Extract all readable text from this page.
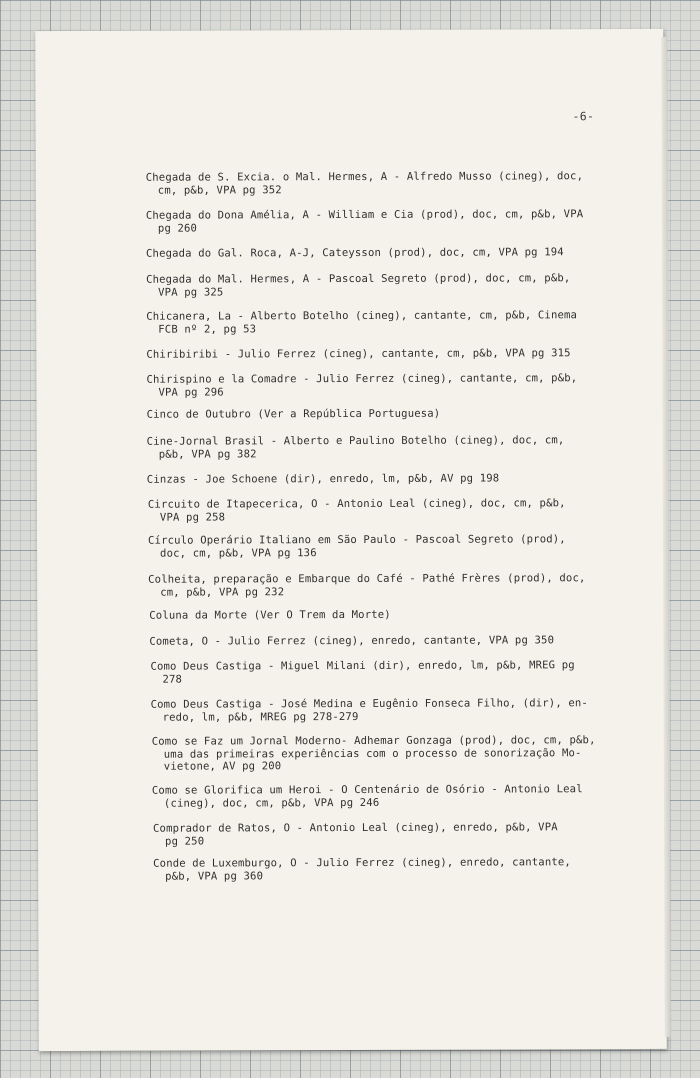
-6-
Chegada de S. Excia. o Mal. Hermes, A - Alfredo Musso (cineg), doc,
cm, p&b, VPA pg 352
Chegada do Dona Amélia, A - William e Cia (prod), doc, cm, p&b, VPA
pg 260
Chegada do Gal. Roca, A-J, Cateysson (prod), doc, cm, VPA pg 194
Chegada do Mal. Hermes, A - Pascoal Segreto (prod), doc, cm, p&b,
VPA pg 325
Chicanera, La - Alberto Botelho (cineg), cantante, cm, p&b, Cinema
FCB nº 2, pg 53
Chiribiribi - Julio Ferrez (cineg), cantante, cm, p&b, VPA pg 315
Chirispino e la Comadre - Julio Ferrez (cineg), cantante, cm, p&b,
VPA pg 296
Cinco de Outubro (Ver a República Portuguesa)
Cine-Jornal Brasil - Alberto e Paulino Botelho (cineg), doc, cm,
p&b, VPA pg 382
Cinzas - Joe Schoene (dir), enredo, lm, p&b, AV pg 198
Circuito de Itapecerica, O - Antonio Leal (cineg), doc, cm, p&b,
VPA pg 258
Círculo Operário Italiano em São Paulo - Pascoal Segreto (prod),
doc, cm, p&b, VPA pg 136
Colheita, preparação e Embarque do Café - Pathé Frères (prod), doc,
cm, p&b, VPA pg 232
Coluna da Morte (Ver O Trem da Morte)
Cometa, O - Julio Ferrez (cineg), enredo, cantante, VPA pg 350
Como Deus Castiga - Miguel Milani (dir), enredo, lm, p&b, MREG pg
278
Como Deus Castiga - José Medina e Eugênio Fonseca Filho, (dir), en-
redo, lm, p&b, MREG pg 278-279
Como se Faz um Jornal Moderno- Adhemar Gonzaga (prod), doc, cm, p&b,
uma das primeiras experiências com o processo de sonorização Mo-
vietone, AV pg 200
Como se Glorifica um Heroi - O Centenário de Osório - Antonio Leal
(cineg), doc, cm, p&b, VPA pg 246
Comprador de Ratos, O - Antonio Leal (cineg), enredo, p&b, VPA
pg 250
Conde de Luxemburgo, O - Julio Ferrez (cineg), enredo, cantante,
p&b, VPA pg 360
